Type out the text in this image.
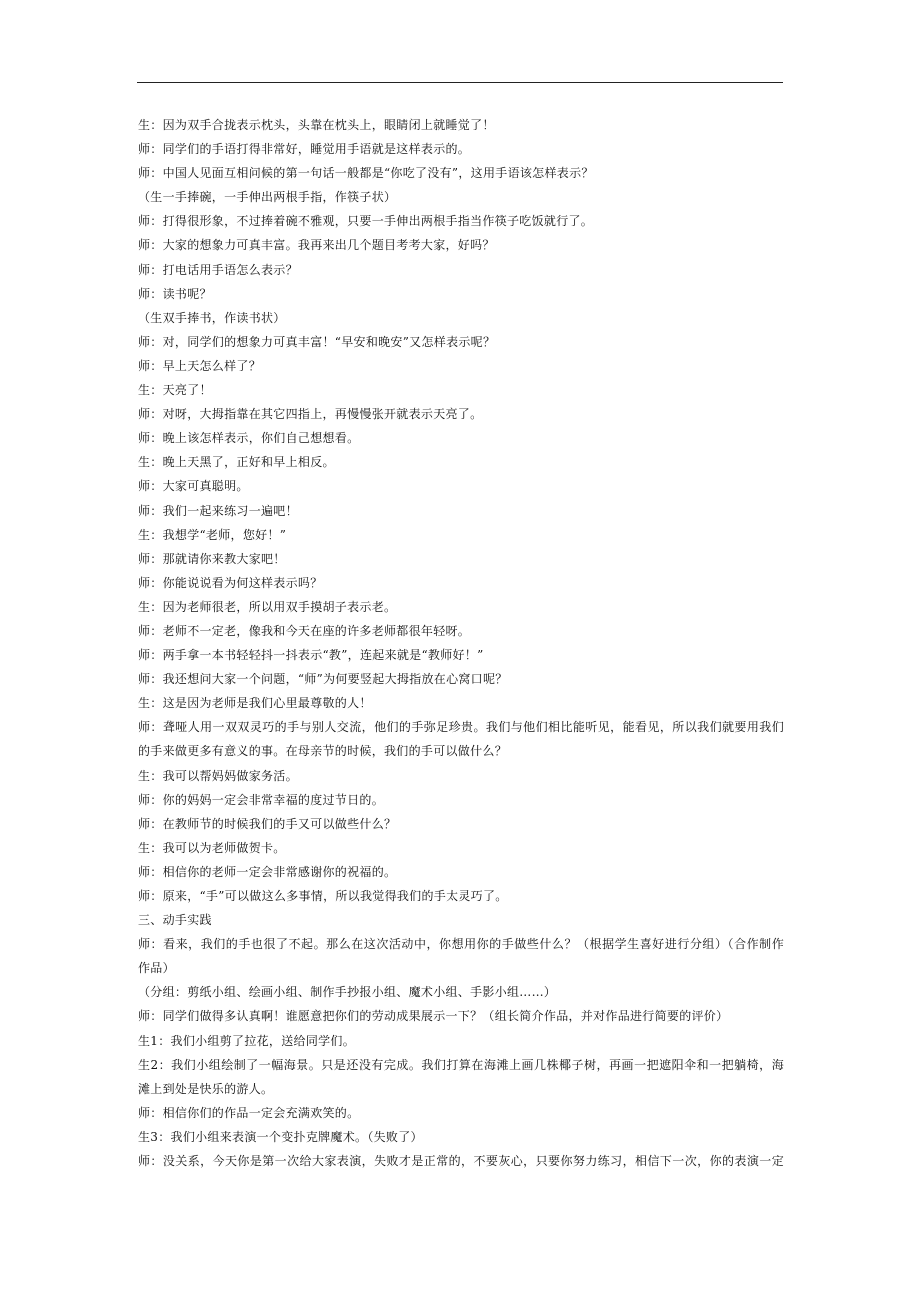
生：因为双手合拢表示枕头，头靠在枕头上，眼睛闭上就睡觉了！
师：同学们的手语打得非常好，睡觉用手语就是这样表示的。
师：中国人见面互相问候的第一句话一般都是“你吃了没有”，这用手语该怎样表示？
（生一手捧碗，一手伸出两根手指，作筷子状）
师：打得很形象，不过捧着碗不雅观，只要一手伸出两根手指当作筷子吃饭就行了。
师：大家的想象力可真丰富。我再来出几个题目考考大家，好吗？
师：打电话用手语怎么表示？
师：读书呢？
（生双手捧书，作读书状）
师：对，同学们的想象力可真丰富！“早安和晚安”又怎样表示呢？
师：早上天怎么样了？
生：天亮了！
师：对呀，大拇指靠在其它四指上，再慢慢张开就表示天亮了。
师：晚上该怎样表示，你们自己想想看。
生：晚上天黑了，正好和早上相反。
师：大家可真聪明。
师：我们一起来练习一遍吧！
生：我想学“老师，您好！”
师：那就请你来教大家吧！
师：你能说说看为何这样表示吗？
生：因为老师很老，所以用双手摸胡子表示老。
师：老师不一定老，像我和今天在座的许多老师都很年轻呀。
师：两手拿一本书轻轻抖一抖表示“教”，连起来就是“教师好！”
师：我还想问大家一个问题，“师”为何要竖起大拇指放在心窝口呢？
生：这是因为老师是我们心里最尊敬的人！
师：聋哑人用一双双灵巧的手与别人交流，他们的手弥足珍贵。我们与他们相比能听见，能看见，所以我们就要用我们
的手来做更多有意义的事。在母亲节的时候，我们的手可以做什么？
生：我可以帮妈妈做家务活。
师：你的妈妈一定会非常幸福的度过节日的。
师：在教师节的时候我们的手又可以做些什么？
生：我可以为老师做贺卡。
师：相信你的老师一定会非常感谢你的祝福的。
师：原来，“手”可以做这么多事情，所以我觉得我们的手太灵巧了。
三、动手实践
师：看来，我们的手也很了不起。那么在这次活动中，你想用你的手做些什么？（根据学生喜好进行分组）（合作制作
作品）
（分组：剪纸小组、绘画小组、制作手抄报小组、魔术小组、手影小组……）
师：同学们做得多认真啊！谁愿意把你们的劳动成果展示一下？（组长简介作品，并对作品进行简要的评价）
生1：我们小组剪了拉花，送给同学们。
生2：我们小组绘制了一幅海景。只是还没有完成。我们打算在海滩上画几株椰子树，再画一把遮阳伞和一把躺椅，海
滩上到处是快乐的游人。
师：相信你们的作品一定会充满欢笑的。
生3：我们小组来表演一个变扑克牌魔术。（失败了）
师：没关系，今天你是第一次给大家表演，失败才是正常的，不要灰心，只要你努力练习，相信下一次，你的表演一定
